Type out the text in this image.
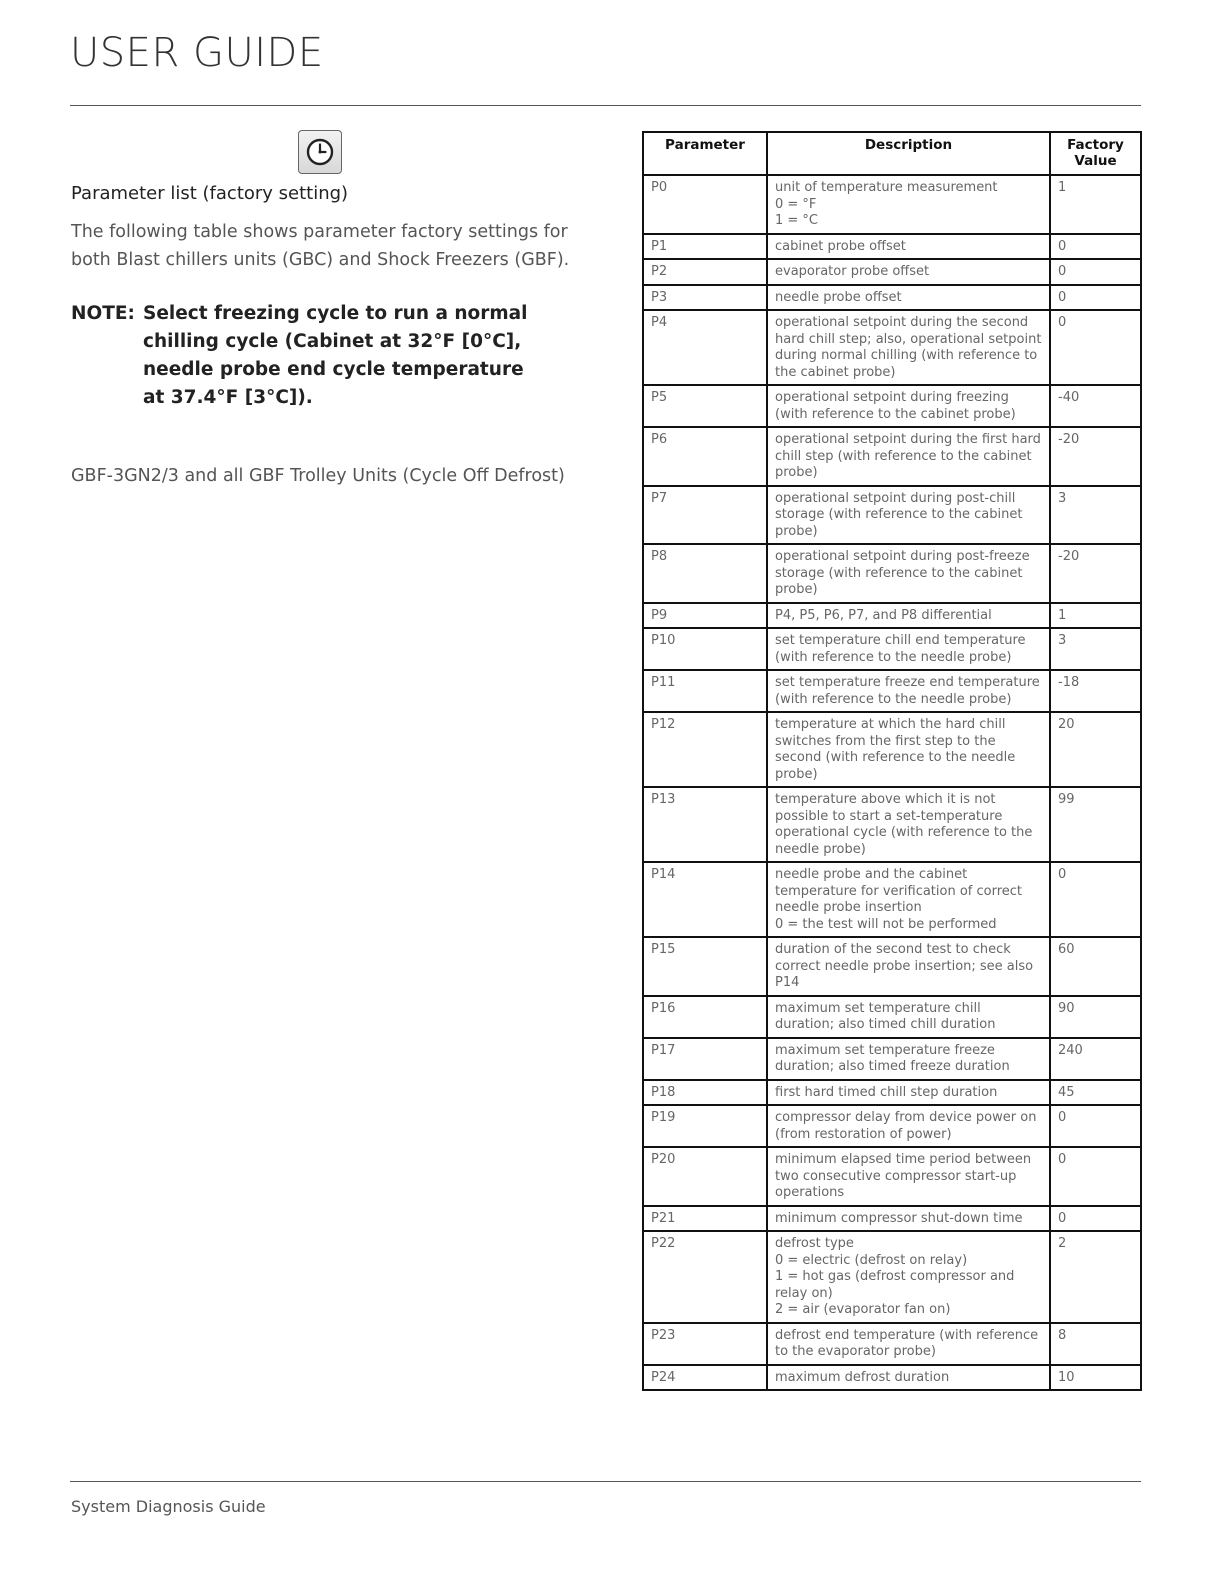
USER GUIDE
Parameter list (factory setting)
The following table shows parameter factory settings for both Blast chillers units (GBC) and Shock Freezers (GBF).
NOTE: Select freezing cycle to run a normal chilling cycle (Cabinet at 32°F [0°C], needle probe end cycle temperature at 37.4°F [3°C]).
GBF-3GN2/3 and all GBF Trolley Units (Cycle Off Defrost)
Parameter	Description	Factory Value
P0	unit of temperature measurement
0 = °F
1 = °C	1
P1	cabinet probe offset	0
P2	evaporator probe offset	0
P3	needle probe offset	0
P4	operational setpoint during the second hard chill step; also, operational setpoint during normal chilling (with reference to the cabinet probe)	0
P5	operational setpoint during freezing (with reference to the cabinet probe)	-40
P6	operational setpoint during the first hard chill step (with reference to the cabinet probe)	-20
P7	operational setpoint during post-chill storage (with reference to the cabinet probe)	3
P8	operational setpoint during post-freeze storage (with reference to the cabinet probe)	-20
P9	P4, P5, P6, P7, and P8 differential	1
P10	set temperature chill end temperature (with reference to the needle probe)	3
P11	set temperature freeze end temperature (with reference to the needle probe)	-18
P12	temperature at which the hard chill switches from the first step to the second (with reference to the needle probe)	20
P13	temperature above which it is not possible to start a set-temperature operational cycle (with reference to the needle probe)	99
P14	needle probe and the cabinet temperature for verification of correct needle probe insertion
0 = the test will not be performed	0
P15	duration of the second test to check correct needle probe insertion; see also P14	60
P16	maximum set temperature chill duration; also timed chill duration	90
P17	maximum set temperature freeze duration; also timed freeze duration	240
P18	first hard timed chill step duration	45
P19	compressor delay from device power on (from restoration of power)	0
P20	minimum elapsed time period between two consecutive compressor start-up operations	0
P21	minimum compressor shut-down time	0
P22	defrost type
0 = electric (defrost on relay)
1 = hot gas (defrost compressor and relay on)
2 = air (evaporator fan on)	2
P23	defrost end temperature (with reference to the evaporator probe)	8
P24	maximum defrost duration	10
System Diagnosis Guide
